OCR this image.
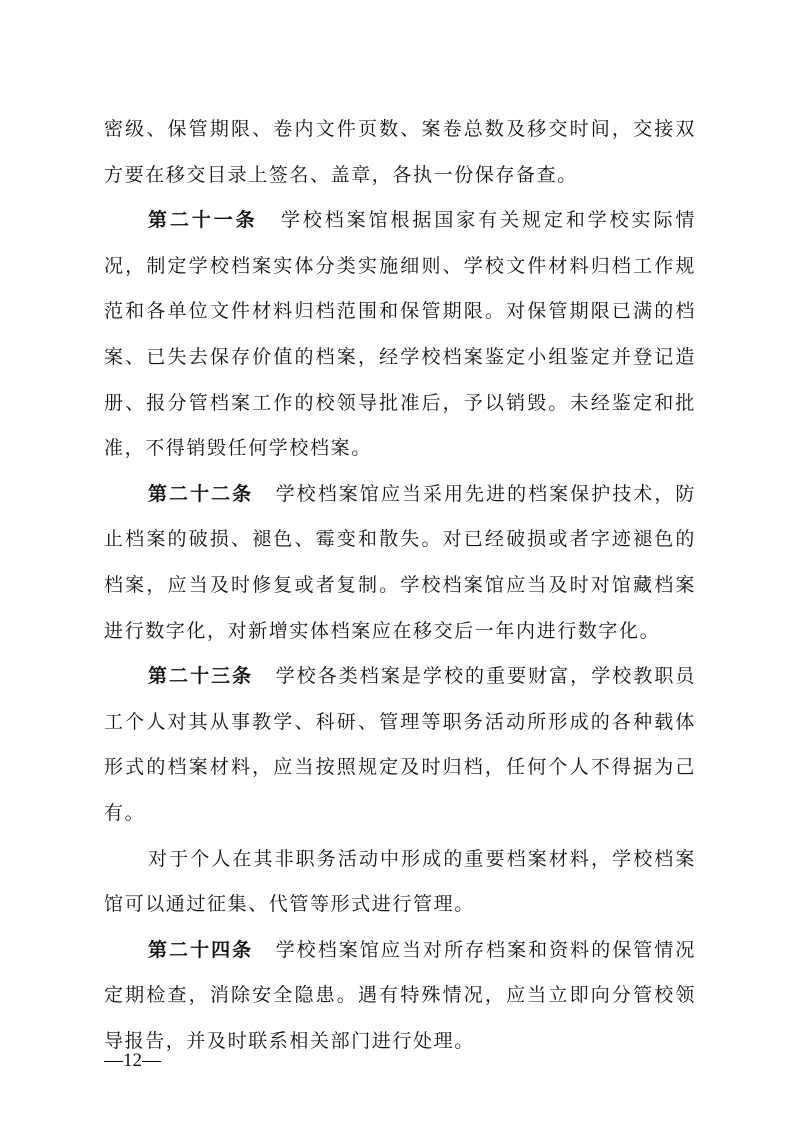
密级、保管期限、卷内文件页数、案卷总数及移交时间，交接双方要在移交目录上签名、盖章，各执一份保存备查。

第二十一条 学校档案馆根据国家有关规定和学校实际情况，制定学校档案实体分类实施细则、学校文件材料归档工作规范和各单位文件材料归档范围和保管期限。对保管期限已满的档案、已失去保存价值的档案，经学校档案鉴定小组鉴定并登记造册、报分管档案工作的校领导批准后，予以销毁。未经鉴定和批准，不得销毁任何学校档案。

第二十二条 学校档案馆应当采用先进的档案保护技术，防止档案的破损、褪色、霉变和散失。对已经破损或者字迹褪色的档案，应当及时修复或者复制。学校档案馆应当及时对馆藏档案进行数字化，对新增实体档案应在移交后一年内进行数字化。

第二十三条 学校各类档案是学校的重要财富，学校教职员工个人对其从事教学、科研、管理等职务活动所形成的各种载体形式的档案材料，应当按照规定及时归档，任何个人不得据为己有。

对于个人在其非职务活动中形成的重要档案材料，学校档案馆可以通过征集、代管等形式进行管理。

第二十四条 学校档案馆应当对所存档案和资料的保管情况定期检查，消除安全隐患。遇有特殊情况，应当立即向分管校领导报告，并及时联系相关部门进行处理。

—12—
